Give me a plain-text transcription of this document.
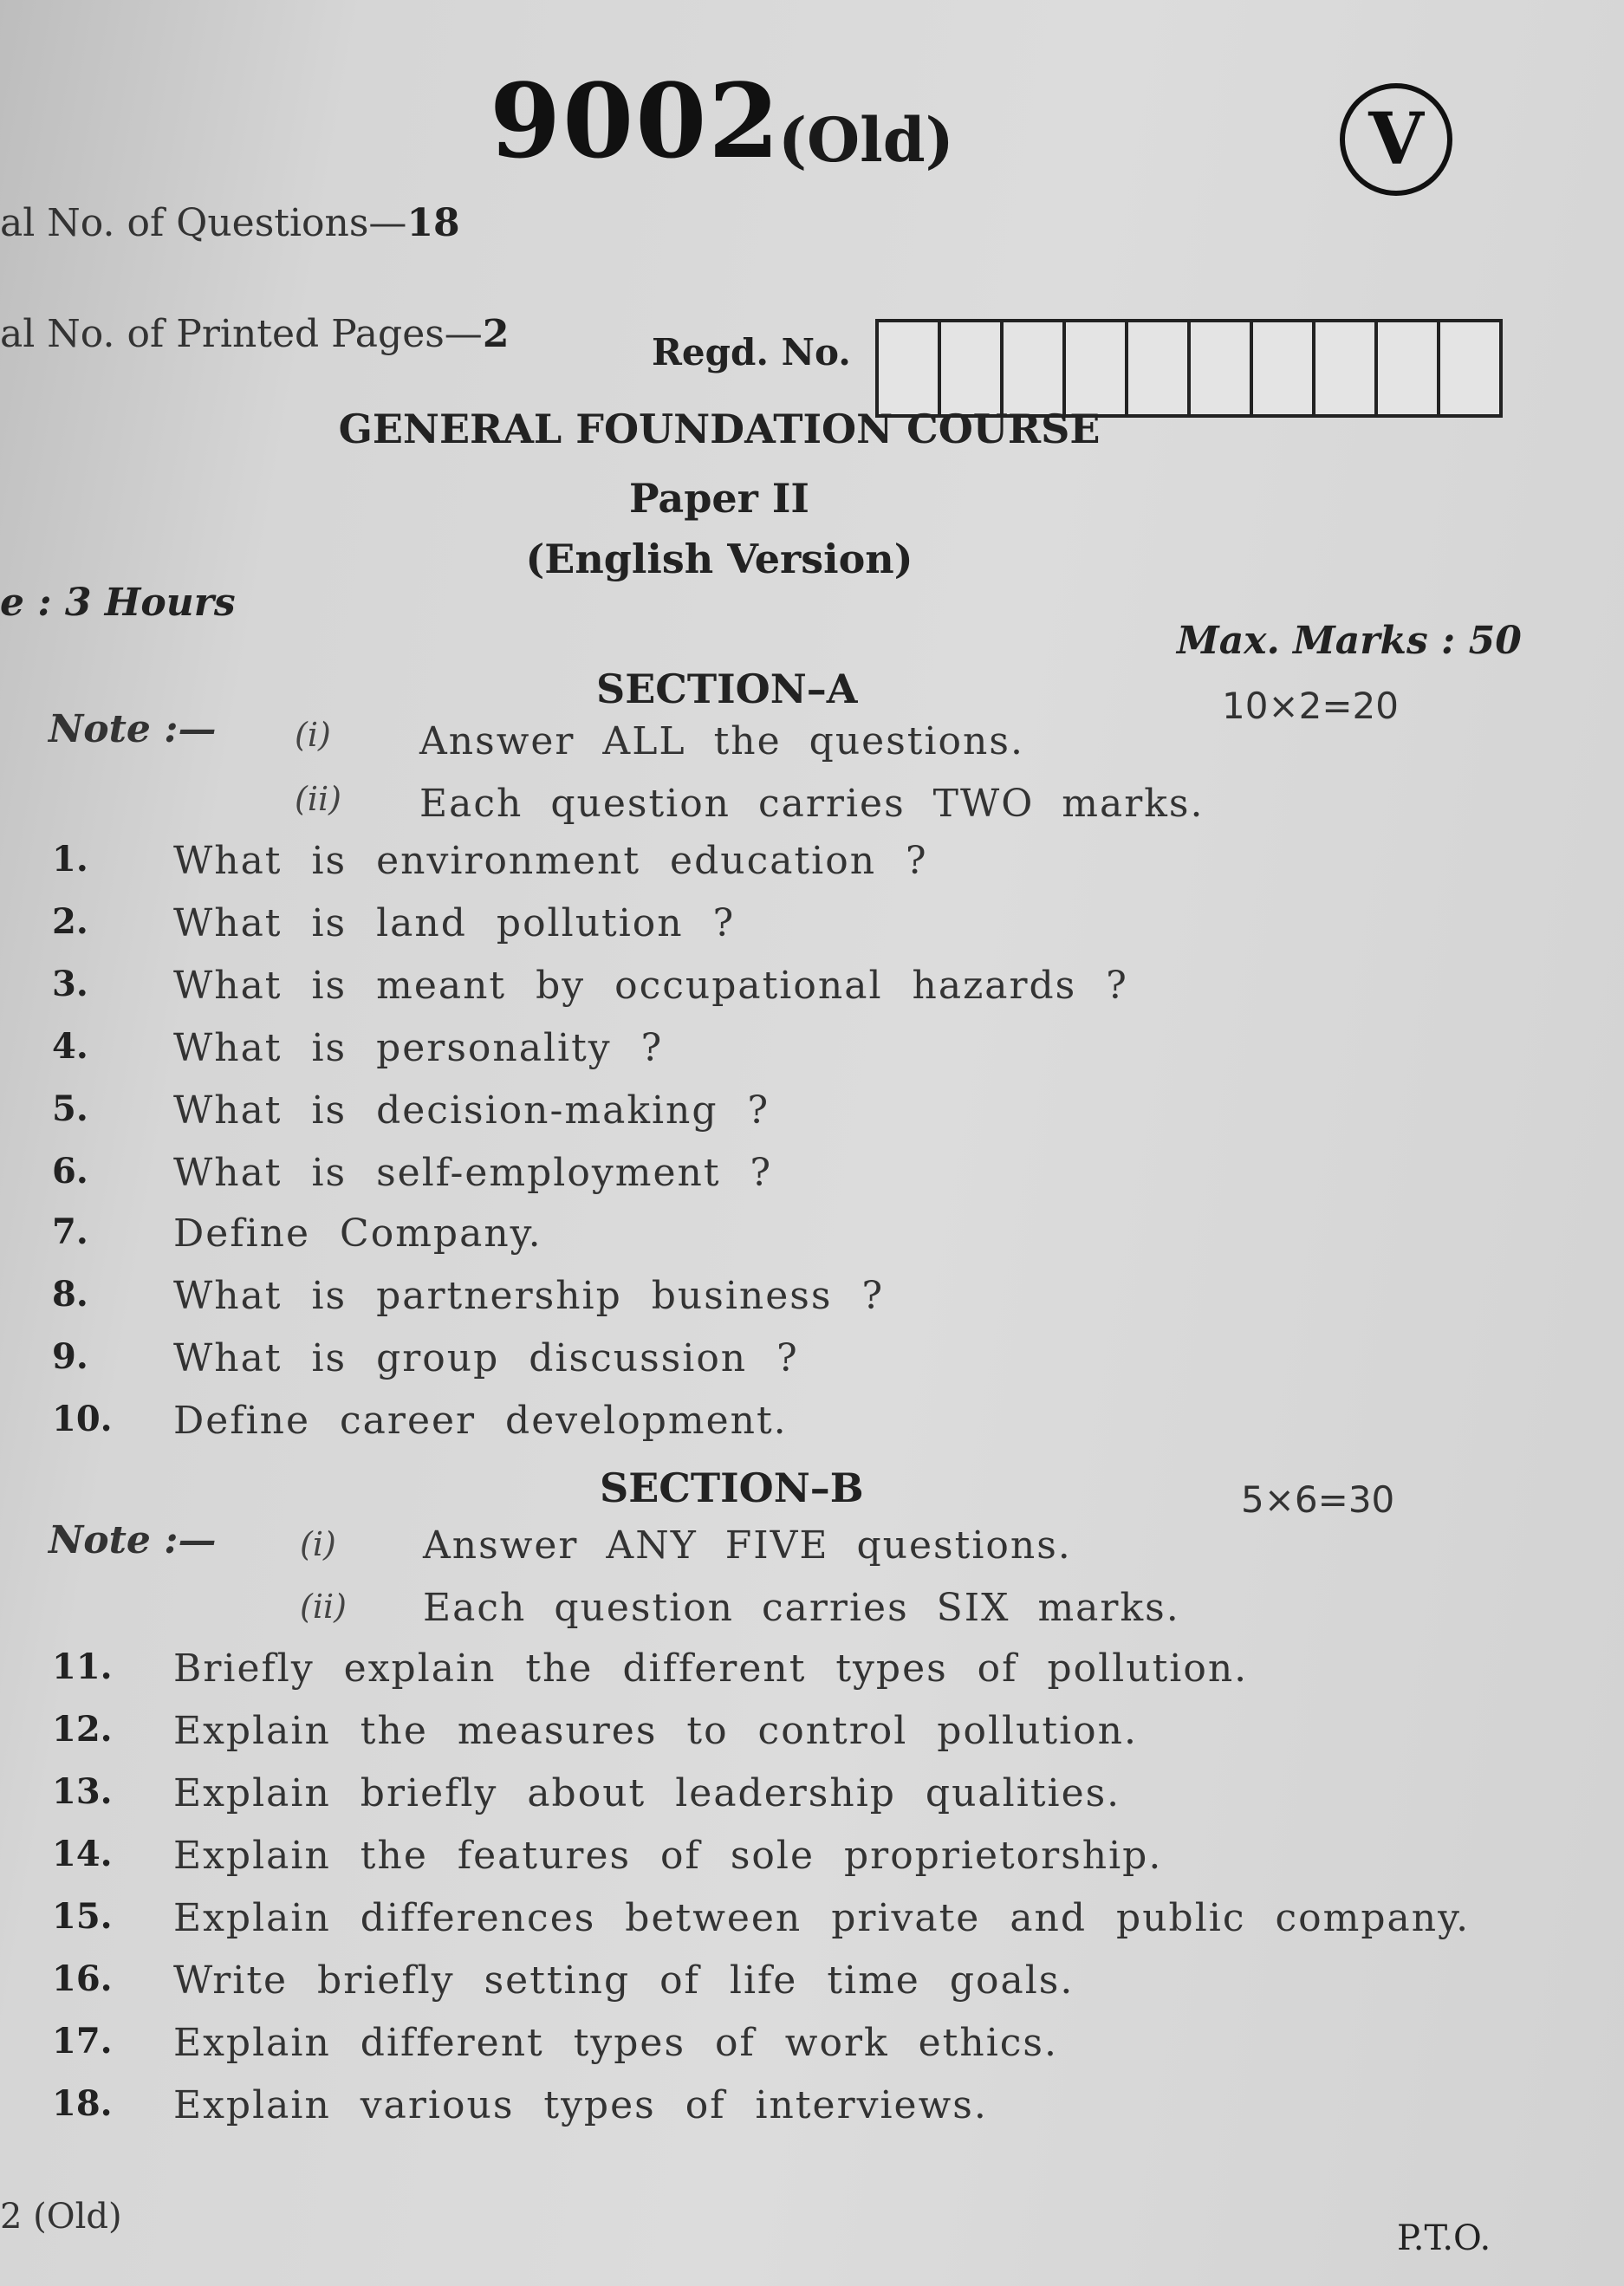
9002
(Old)	V
al No. of Questions—18
al No. of Printed Pages—2	Regd. No.
GENERAL FOUNDATION COURSE
Paper II
(English Version)
e : 3 Hours
Max. Marks : 50
SECTION–A	10×2=20
Note :— (i) Answer ALL the questions.
(ii) Each question carries TWO marks.
1. What is environment education ?
2. What is land pollution ?
3. What is meant by occupational hazards ?
4. What is personality ?
5. What is decision-making ?
6. What is self-employment ?
7. Define Company.
8. What is partnership business ?
9. What is group discussion ?
10. Define career development.
SECTION–B	5×6=30
Note :—	(i) Answer ANY FIVE questions.
(ii) Each question carries SIX marks.
11. Briefly explain the different types of pollution.
12. Explain the measures to control pollution.
13. Explain briefly about leadership qualities.
14. Explain the features of sole proprietorship.
15. Explain differences between private and public company.
16. Write briefly setting of life time goals.
17. Explain different types of work ethics.
18. Explain various types of interviews.
2 (Old)
P.T.O.
